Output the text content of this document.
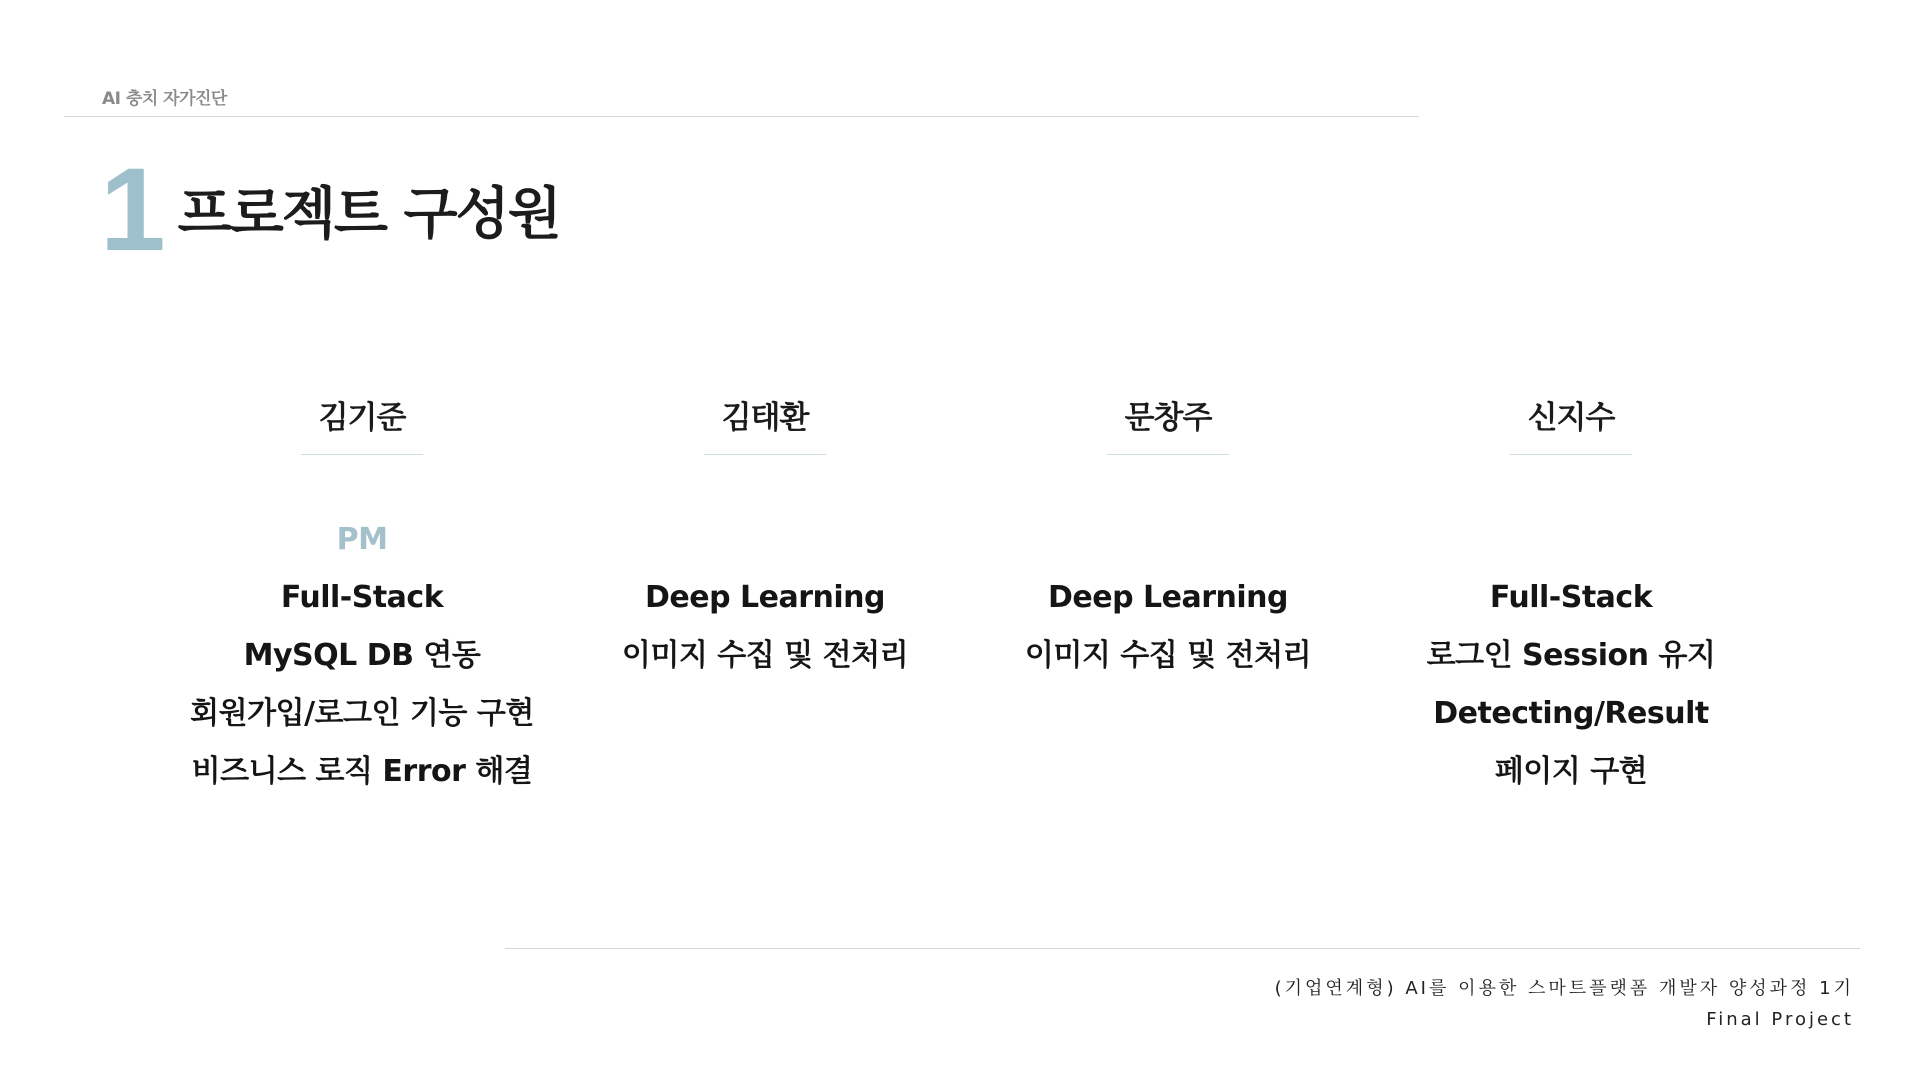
AI 충치 자가진단
1 프로젝트 구성원
김기준
PM
Full-Stack
MySQL DB 연동
회원가입/로그인 기능 구현
비즈니스 로직 Error 해결
김태환
Deep Learning
이미지 수집 및 전처리
문창주
Deep Learning
이미지 수집 및 전처리
신지수
Full-Stack
로그인 Session 유지
Detecting/Result
페이지 구현
(기업연계형) AI를 이용한 스마트플랫폼 개발자 양성과정 1기
Final Project
